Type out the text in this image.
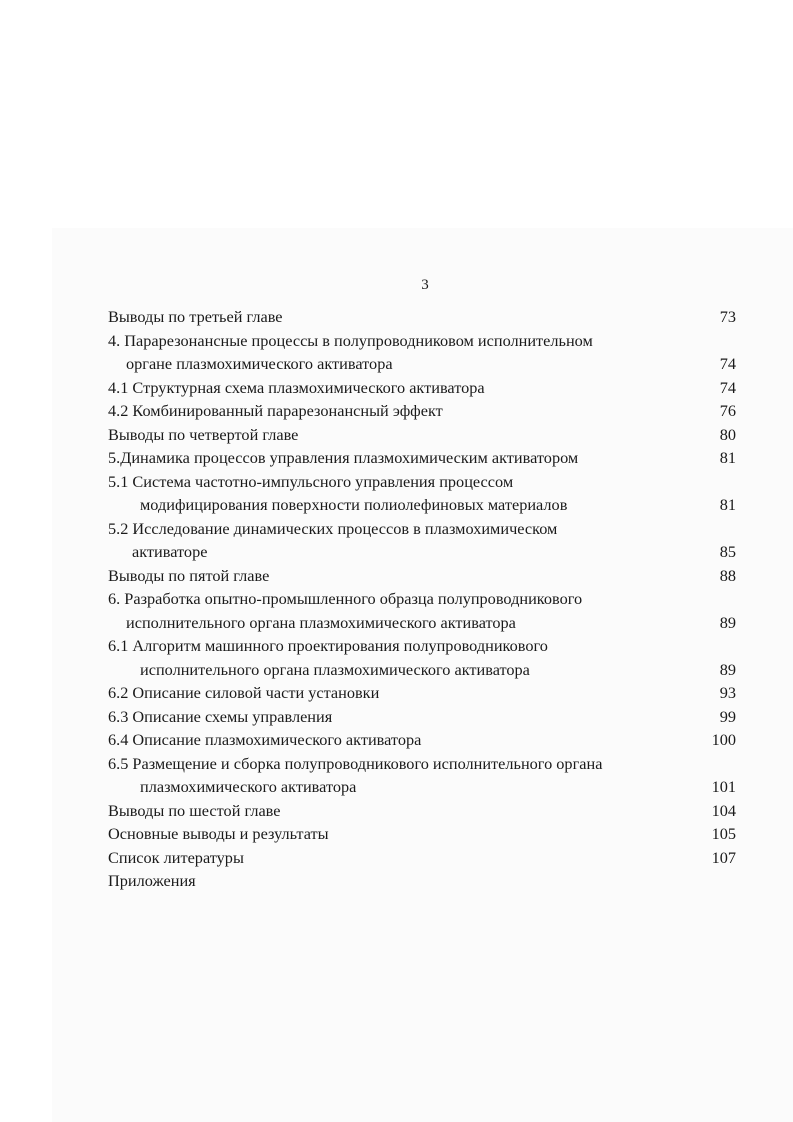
3
Выводы по третьей главе	73
4. Парарезонансные процессы в полупроводниковом исполнительном
органе плазмохимического активатора	74
4.1 Структурная схема плазмохимического активатора	74
4.2 Комбинированный парарезонансный эффект	76
Выводы по четвертой главе	80
5.Динамика процессов управления плазмохимическим активатором	81
5.1 Система частотно-импульсного управления процессом
модифицирования поверхности полиолефиновых материалов	81
5.2 Исследование динамических процессов в плазмохимическом
активаторе	85
Выводы по пятой главе	88
6. Разработка опытно-промышленного образца полупроводникового
исполнительного органа плазмохимического активатора	89
6.1 Алгоритм машинного проектирования полупроводникового
исполнительного органа плазмохимического активатора	89
6.2 Описание силовой части установки	93
6.3 Описание схемы управления	99
6.4 Описание плазмохимического активатора	100
6.5 Размещение и сборка полупроводникового исполнительного органа
плазмохимического активатора	101
Выводы по шестой главе	104
Основные выводы и результаты	105
Список литературы	107
Приложения
